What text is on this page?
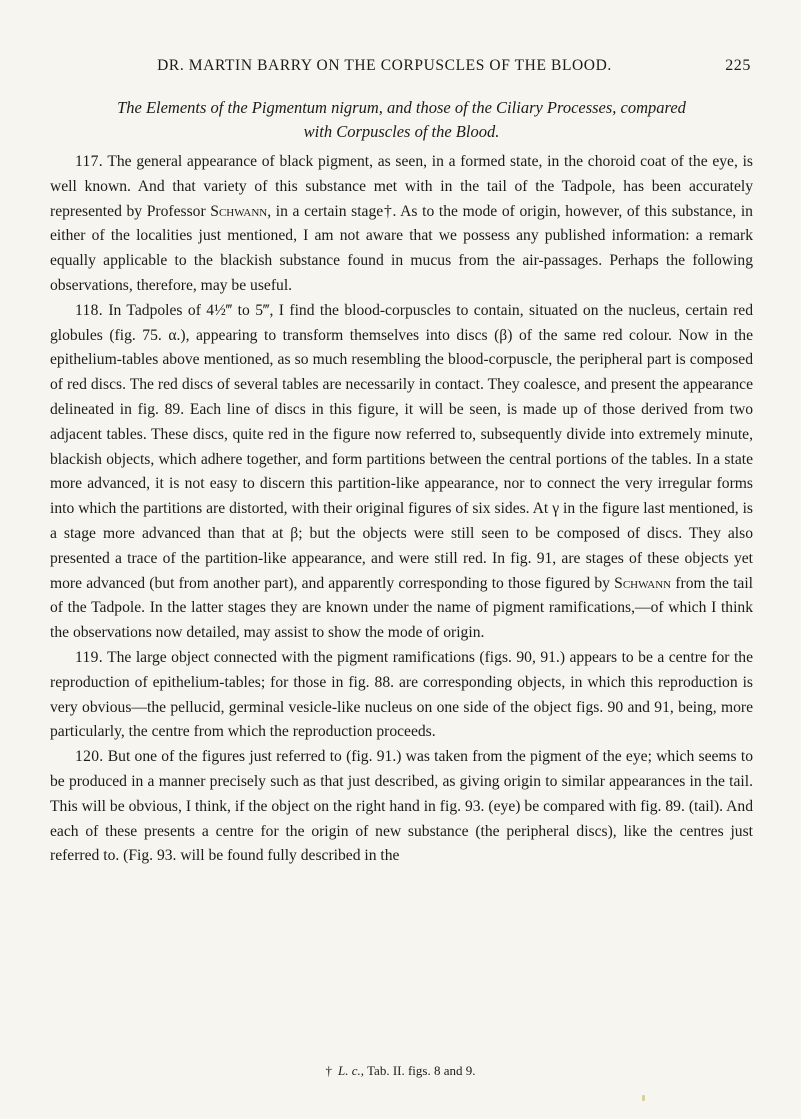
DR. MARTIN BARRY ON THE CORPUSCLES OF THE BLOOD.	225
The Elements of the Pigmentum nigrum, and those of the Ciliary Processes, compared
with Corpuscles of the Blood.

117. The general appearance of black pigment, as seen, in a formed state, in the choroid coat of the eye, is well known. And that variety of this substance met with in the tail of the Tadpole, has been accurately represented by Professor Schwann, in a certain stage†. As to the mode of origin, however, of this substance, in either of the localities just mentioned, I am not aware that we possess any published information: a remark equally applicable to the blackish substance found in mucus from the air-passages. Perhaps the following observations, therefore, may be useful.

118. In Tadpoles of 4½‴ to 5‴, I find the blood-corpuscles to contain, situated on the nucleus, certain red globules (fig. 75. α.), appearing to transform themselves into discs (β) of the same red colour. Now in the epithelium-tables above mentioned, as so much resembling the blood-corpuscle, the peripheral part is composed of red discs. The red discs of several tables are necessarily in contact. They coalesce, and present the appearance delineated in fig. 89. Each line of discs in this figure, it will be seen, is made up of those derived from two adjacent tables. These discs, quite red in the figure now referred to, subsequently divide into extremely minute, blackish objects, which adhere together, and form partitions between the central portions of the tables. In a state more advanced, it is not easy to discern this partition-like appearance, nor to connect the very irregular forms into which the partitions are distorted, with their original figures of six sides. At γ in the figure last mentioned, is a stage more advanced than that at β; but the objects were still seen to be composed of discs. They also presented a trace of the partition-like appearance, and were still red. In fig. 91, are stages of these objects yet more advanced (but from another part), and apparently corresponding to those figured by Schwann from the tail of the Tadpole. In the latter stages they are known under the name of pigment ramifications,—of which I think the observations now detailed, may assist to show the mode of origin.

119. The large object connected with the pigment ramifications (figs. 90, 91.) appears to be a centre for the reproduction of epithelium-tables; for those in fig. 88. are corresponding objects, in which this reproduction is very obvious—the pellucid, germinal vesicle-like nucleus on one side of the object figs. 90 and 91, being, more particularly, the centre from which the reproduction proceeds.

120. But one of the figures just referred to (fig. 91.) was taken from the pigment of the eye; which seems to be produced in a manner precisely such as that just described, as giving origin to similar appearances in the tail. This will be obvious, I think, if the object on the right hand in fig. 93. (eye) be compared with fig. 89. (tail). And each of these presents a centre for the origin of new substance (the peripheral discs), like the centres just referred to. (Fig. 93. will be found fully described in the

† L. c., Tab. II. figs. 8 and 9.
